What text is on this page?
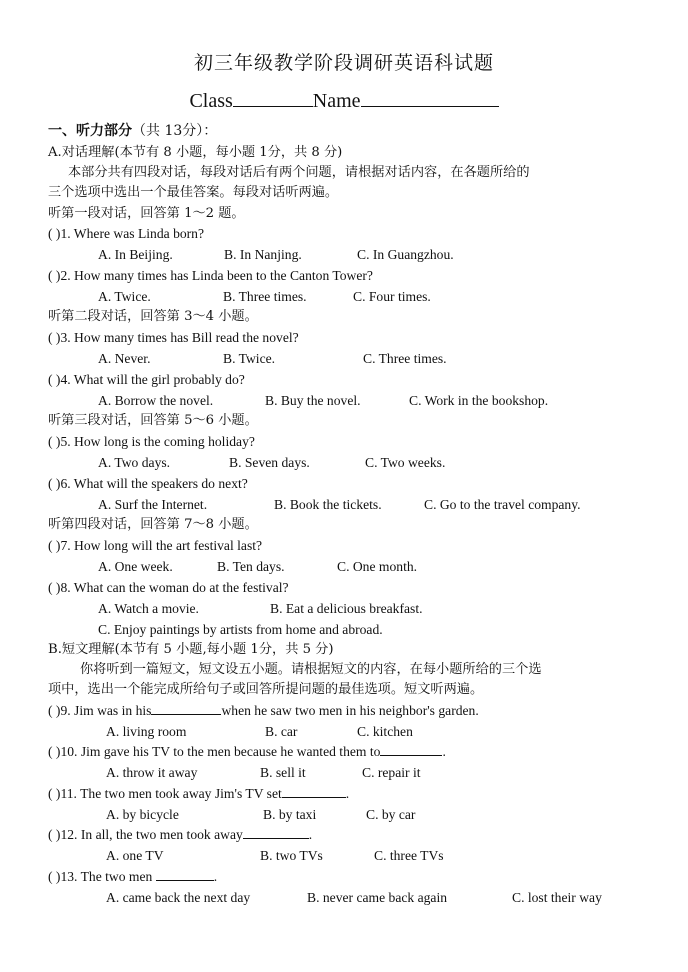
初三年级教学阶段调研英语科试题
Class	Name
一、听力部分（共 13分）：
A.对话理解(本节有 8 小题，每小题 1分，共 8 分)
本部分共有四段对话，每段对话后有两个问题，请根据对话内容，在各题所给的
三个选项中选出一个最佳答案。每段对话听两遍。
听第一段对话，回答第 1～2 题。
( )1. Where was Linda born?
A. In Beijing.	B. In Nanjing.	C. In Guangzhou.
( )2. How many times has Linda been to the Canton Tower?
A. Twice.	B. Three times.	C. Four times.
听第二段对话，回答第 3～4 小题。
( )3. How many times has Bill read the novel?
A. Never.	B. Twice.	C. Three times.
( )4. What will the girl probably do?
A. Borrow the novel.	B. Buy the novel.	C. Work in the bookshop.
听第三段对话，回答第 5～6 小题。
( )5. How long is the coming holiday?
A. Two days.	B. Seven days.	C. Two weeks.
( )6. What will the speakers do next?
A. Surf the Internet.	B. Book the tickets.	C. Go to the travel company.
听第四段对话，回答第 7～8 小题。
( )7. How long will the art festival last?
A. One week.	B. Ten days.	C. One month.
( )8. What can the woman do at the festival?
A. Watch a movie.	B. Eat a delicious breakfast.
C. Enjoy paintings by artists from home and abroad.
B.短文理解(本节有 5 小题,每小题 1分，共 5 分)
你将听到一篇短文，短文设五小题。请根据短文的内容，在每小题所给的三个选
项中，选出一个能完成所给句子或回答所提问题的最佳选项。短文听两遍。
( )9. Jim was in his	when he saw two men in his neighbor's garden.
A. living room	B. car	C. kitchen
( )10. Jim gave his TV to the men because he wanted them to	.
A. throw it away	B. sell it	C. repair it
( )11. The two men took away Jim's TV set	.
A. by bicycle	B. by taxi	C. by car
( )12. In all, the two men took away	.
A. one TV	B. two TVs	C. three TVs
( )13. The two men	.
A. came back the next day	B. never came back again	C. lost their way
